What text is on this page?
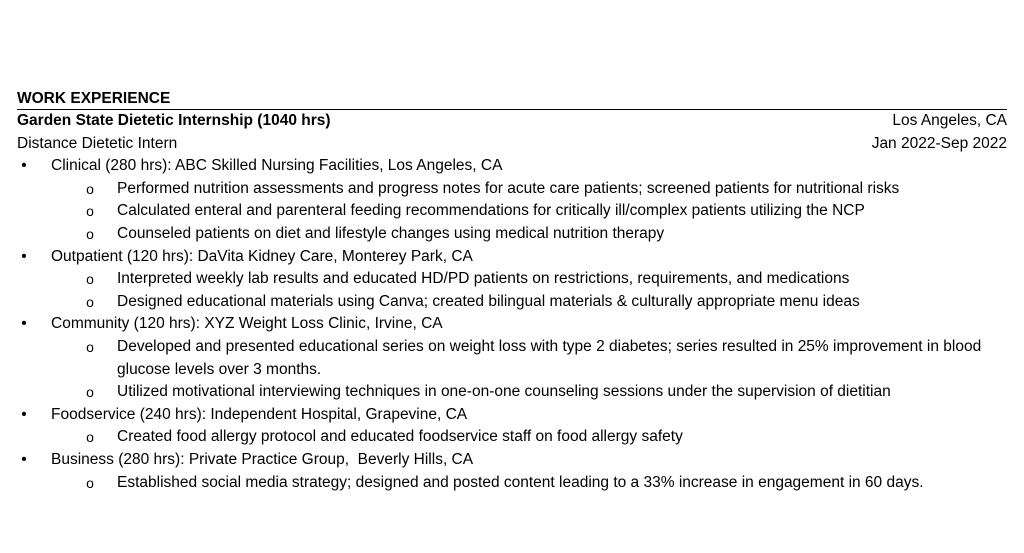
WORK EXPERIENCE
Garden State Dietetic Internship (1040 hrs)	Los Angeles, CA
Distance Dietetic Intern	Jan 2022-Sep 2022
• Clinical (280 hrs): ABC Skilled Nursing Facilities, Los Angeles, CA
o Performed nutrition assessments and progress notes for acute care patients; screened patients for nutritional risks
o Calculated enteral and parenteral feeding recommendations for critically ill/complex patients utilizing the NCP
o Counseled patients on diet and lifestyle changes using medical nutrition therapy
• Outpatient (120 hrs): DaVita Kidney Care, Monterey Park, CA
o Interpreted weekly lab results and educated HD/PD patients on restrictions, requirements, and medications
o Designed educational materials using Canva; created bilingual materials & culturally appropriate menu ideas
• Community (120 hrs): XYZ Weight Loss Clinic, Irvine, CA
o Developed and presented educational series on weight loss with type 2 diabetes; series resulted in 25% improvement in blood glucose levels over 3 months.
o Utilized motivational interviewing techniques in one-on-one counseling sessions under the supervision of dietitian
• Foodservice (240 hrs): Independent Hospital, Grapevine, CA
o Created food allergy protocol and educated foodservice staff on food allergy safety
• Business (280 hrs): Private Practice Group,  Beverly Hills, CA
o Established social media strategy; designed and posted content leading to a 33% increase in engagement in 60 days.
